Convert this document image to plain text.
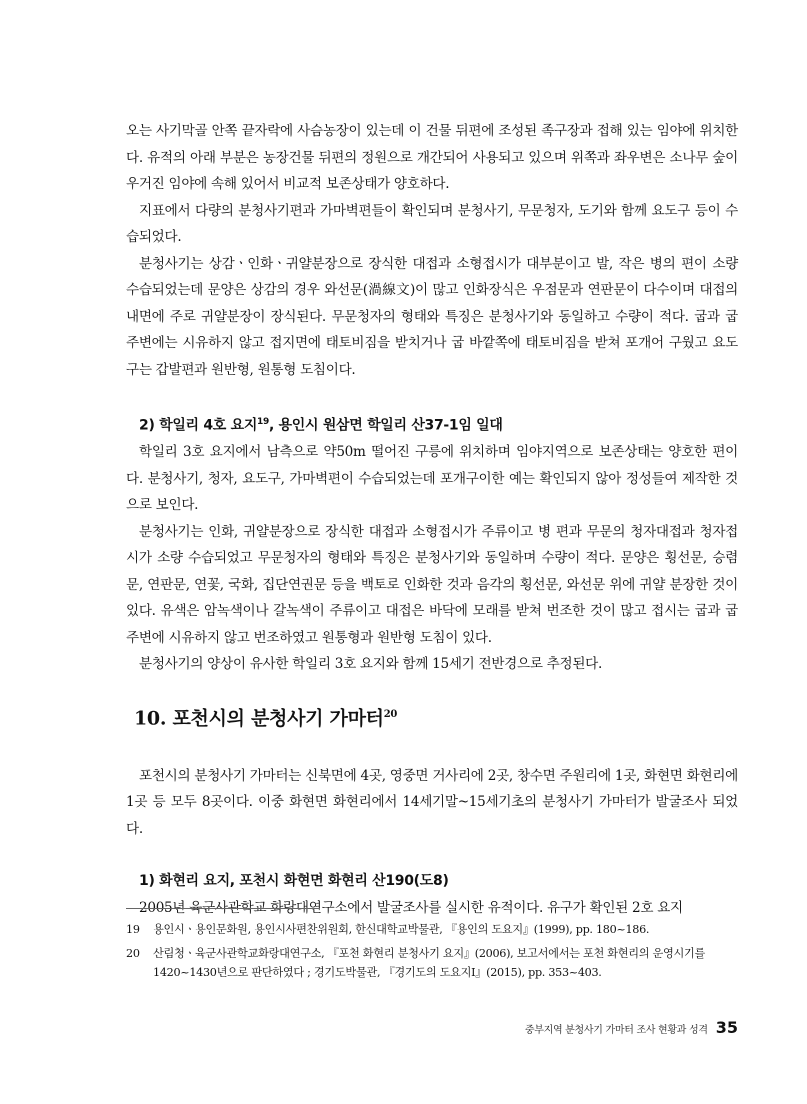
오는 사기막골 안쪽 끝자락에 사슴농장이 있는데 이 건물 뒤편에 조성된 족구장과 접해 있는 임야에 위치한다. 유적의 아래 부분은 농장건물 뒤편의 정원으로 개간되어 사용되고 있으며 위쪽과 좌우변은 소나무 숲이 우거진 임야에 속해 있어서 비교적 보존상태가 양호하다.

지표에서 다량의 분청사기편과 가마벽편들이 확인되며 분청사기, 무문청자, 도기와 함께 요도구 등이 수습되었다.

분청사기는 상감ㆍ인화ㆍ귀얄분장으로 장식한 대접과 소형접시가 대부분이고 발, 작은 병의 편이 소량 수습되었는데 문양은 상감의 경우 와선문(渦線文)이 많고 인화장식은 우점문과 연판문이 다수이며 대접의 내면에 주로 귀얄분장이 장식된다. 무문청자의 형태와 특징은 분청사기와 동일하고 수량이 적다. 굽과 굽 주변에는 시유하지 않고 접지면에 태토비짐을 받치거나 굽 바깥쪽에 태토비짐을 받쳐 포개어 구웠고 요도구는 갑발편과 원반형, 원통형 도침이다.

2) 학일리 4호 요지$^{19}$, 용인시 원삼면 학일리 산37-1임 일대

학일리 3호 요지에서 남측으로 약50m 떨어진 구릉에 위치하며 임야지역으로 보존상태는 양호한 편이다. 분청사기, 청자, 요도구, 가마벽편이 수습되었는데 포개구이한 예는 확인되지 않아 정성들여 제작한 것으로 보인다.

분청사기는 인화, 귀얄분장으로 장식한 대접과 소형접시가 주류이고 병 편과 무문의 청자대접과 청자접시가 소량 수습되었고 무문청자의 형태와 특징은 분청사기와 동일하며 수량이 적다. 문양은 횡선문, 승렴문, 연판문, 연꽃, 국화, 집단연권문 등을 백토로 인화한 것과 음각의 횡선문, 와선문 위에 귀얄 분장한 것이 있다. 유색은 암녹색이나 갈녹색이 주류이고 대접은 바닥에 모래를 받쳐 번조한 것이 많고 접시는 굽과 굽 주변에 시유하지 않고 번조하였고 원통형과 원반형 도침이 있다.

분청사기의 양상이 유사한 학일리 3호 요지와 함께 15세기 전반경으로 추정된다.

10. 포천시의 분청사기 가마터$^{20}$

포천시의 분청사기 가마터는 신북면에 4곳, 영중면 거사리에 2곳, 창수면 주원리에 1곳, 화현면 화현리에 1곳 등 모두 8곳이다. 이중 화현면 화현리에서 14세기말~15세기초의 분청사기 가마터가 발굴조사 되었다.

1) 화현리 요지, 포천시 화현면 화현리 산190(도8)

2005년 육군사관학교 화랑대연구소에서 발굴조사를 실시한 유적이다. 유구가 확인된 2호 요지

19	용인시ㆍ용인문화원, 용인시사편찬위원회, 한신대학교박물관, 『용인의 도요지』(1999), pp. 180~186.
20	산림청ㆍ육군사관학교화랑대연구소, 『포천 화현리 분청사기 요지』(2006), 보고서에서는 포천 화현리의 운영시기를 1420~1430년으로 판단하였다 ; 경기도박물관, 『경기도의 도요지Ⅰ』(2015), pp. 353~403.
중부지역 분청사기 가마터 조사 현황과 성격 35
